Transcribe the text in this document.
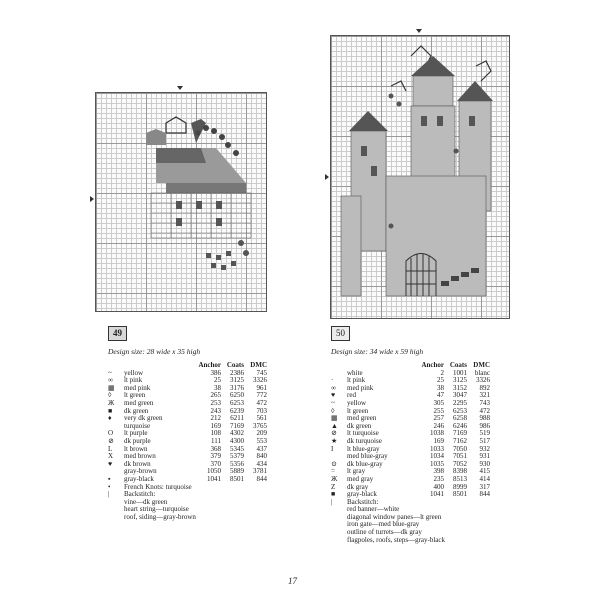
49
Design size: 28 wide x 35 high
Anchor Coats DMC
~	yellow	386	2386	745
∞	lt pink	25	3125	3326
▦	med pink	38	3176	961
◊	lt green	265	6250	772
Ж	med green	253	6253	472
■	dk green	243	6239	703
♦	very dk green	212	6211	561
turquoise	169	7169	3765
O	lt purple	108	4302	209
⊘	dk purple	111	4300	553
L	lt brown	368	5345	437
X	med brown	379	5379	840
♥	dk brown	370	5356	434
gray-brown	1050	5889	3781
▪	gray-black	1041	8501	844
•	French Knots: turquoise
|	Backstitch:
vine—dk green
heart string—turquoise
roof, siding—gray-brown
50
Design size: 34 wide x 59 high
Anchor Coats DMC
white	2	1001	blanc
·	lt pink	25	3125	3326
∞	med pink	38	3152	892
♥	red	47	3047	321
~	yellow	305	2295	743
◊	lt green	255	6253	472
▦	med green	257	6258	988
▲	dk green	246	6246	986
⊘	lt turquoise	1038	7169	519
★	dk turquoise	169	7162	517
I	lt blue-gray	1033	7050	932
med blue-gray	1034	7051	931
⊙	dk blue-gray	1035	7052	930
=	lt gray	398	8398	415
Ж	med gray	235	8513	414
Z	dk gray	400	8999	317
■	gray-black	1041	8501	844
|	Backstitch:
red banner—white
diagonal window panes—lt green
iron gate—med blue-gray
outline of turrets—dk gray
flagpoles, roofs, steps—gray-black
17
